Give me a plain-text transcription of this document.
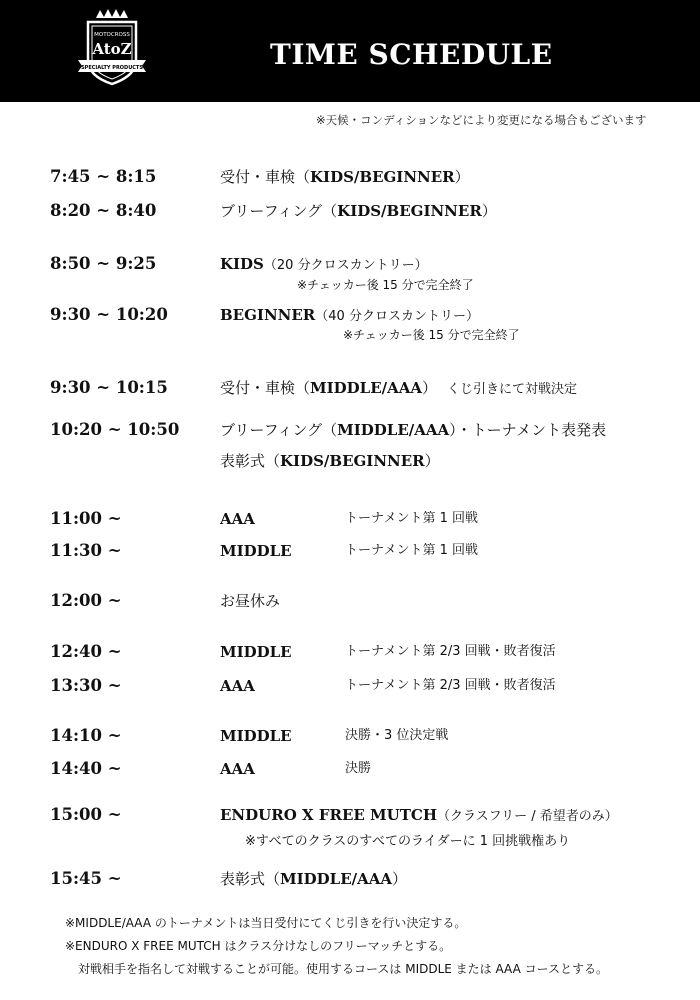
MOTOCROSS
AtoZ
SPECIALTY PRODUCTS	TIME SCHEDULE
※天候・コンディションなどにより変更になる場合もございます
7:45 ~ 8:15	受付・車検（KIDS/BEGINNER）
8:20 ~ 8:40	ブリーフィング（KIDS/BEGINNER）
8:50 ~ 9:25	KIDS（20 分クロスカントリー）
※チェッカー後 15 分で完全終了
9:30 ~ 10:20	BEGINNER（40 分クロスカントリー）
※チェッカー後 15 分で完全終了
9:30 ~ 10:15	受付・車検（MIDDLE/AAA） くじ引きにて対戦決定
10:20 ~ 10:50	ブリーフィング（MIDDLE/AAA）・トーナメント表発表
表彰式（KIDS/BEGINNER）
11:00 ~	AAA	トーナメント第 1 回戦
11:30 ~	MIDDLE	トーナメント第 1 回戦
12:00 ~	お昼休み
12:40 ~	MIDDLE	トーナメント第 2/3 回戦・敗者復活
13:30 ~	AAA	トーナメント第 2/3 回戦・敗者復活
14:10 ~	MIDDLE	決勝・3 位決定戦
14:40 ~	AAA	決勝
15:00 ~	ENDURO X FREE MUTCH（クラスフリー / 希望者のみ）
※すべてのクラスのすべてのライダーに 1 回挑戦権あり
15:45 ~	表彰式（MIDDLE/AAA）
※MIDDLE/AAA のトーナメントは当日受付にてくじ引きを行い決定する。
※ENDURO X FREE MUTCH はクラス分けなしのフリーマッチとする。
対戦相手を指名して対戦することが可能。使用するコースは MIDDLE または AAA コースとする。
